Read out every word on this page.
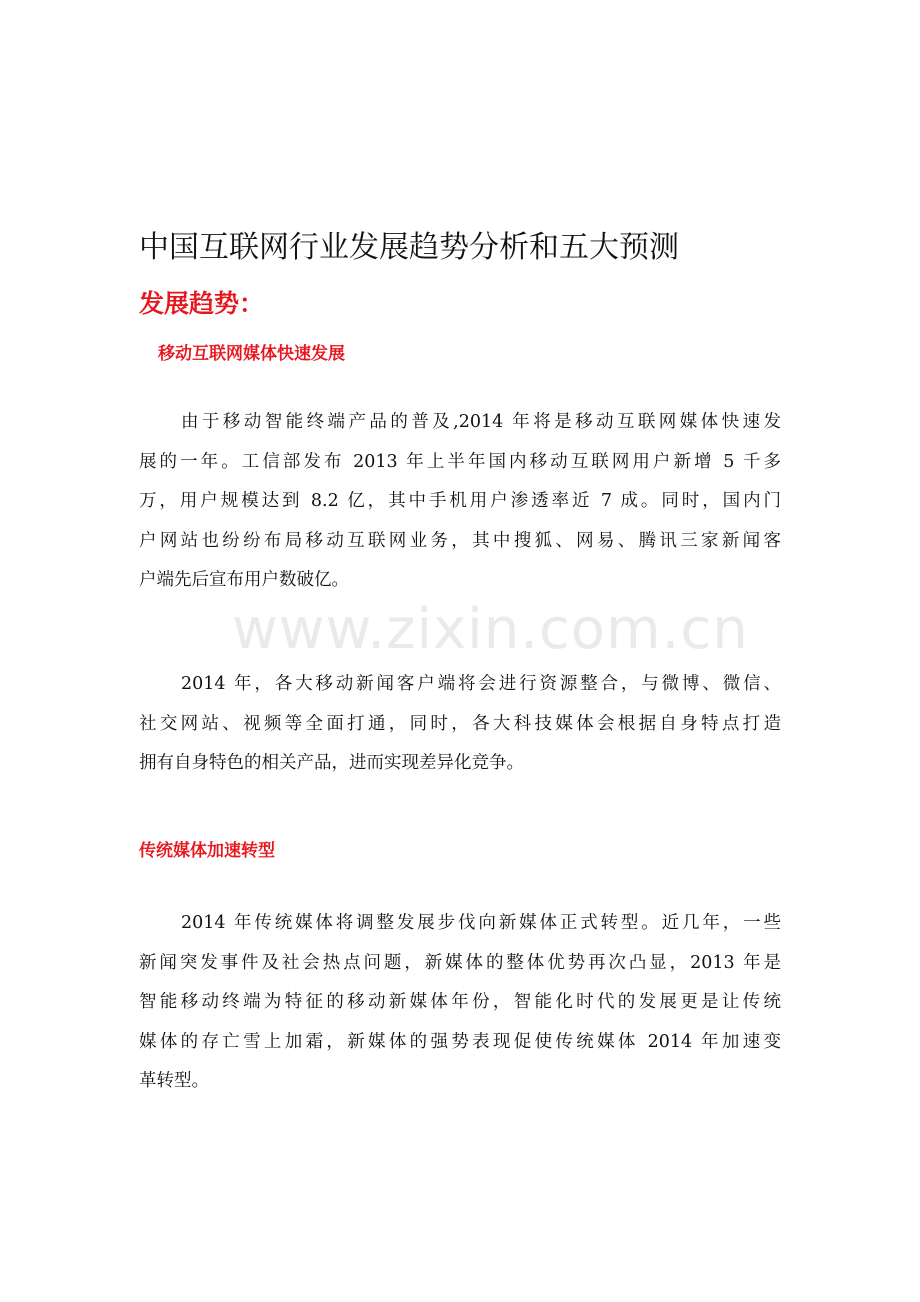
中国互联网行业发展趋势分析和五大预测
发展趋势：
移动互联网媒体快速发展
由于移动智能终端产品的普及,2014 年将是移动互联网媒体快速发
展的一年。工信部发布 2013 年上半年国内移动互联网用户新增 5 千多
万，用户规模达到 8.2 亿，其中手机用户渗透率近 7 成。同时，国内门
户网站也纷纷布局移动互联网业务，其中搜狐、网易、腾讯三家新闻客
户端先后宣布用户数破亿。
2014 年，各大移动新闻客户端将会进行资源整合，与微博、微信、
社交网站、视频等全面打通，同时，各大科技媒体会根据自身特点打造
拥有自身特色的相关产品，进而实现差异化竞争。
传统媒体加速转型
2014 年传统媒体将调整发展步伐向新媒体正式转型。近几年，一些
新闻突发事件及社会热点问题，新媒体的整体优势再次凸显，2013 年是
智能移动终端为特征的移动新媒体年份，智能化时代的发展更是让传统
媒体的存亡雪上加霜，新媒体的强势表现促使传统媒体 2014 年加速变
革转型。
www.zixin.com.cn
